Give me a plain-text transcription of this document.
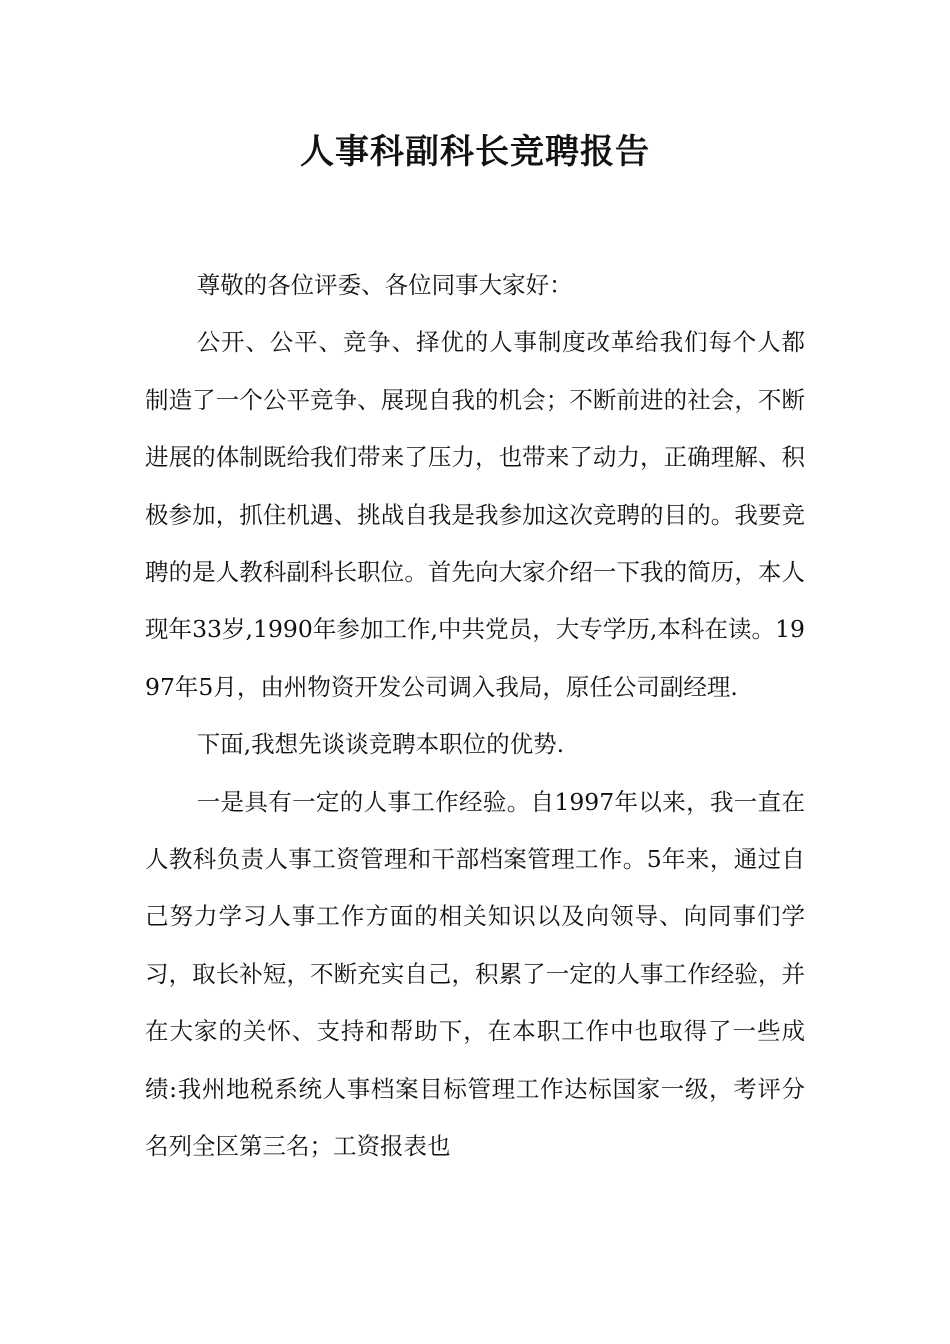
人事科副科长竞聘报告

尊敬的各位评委、各位同事大家好：

公开、公平、竞争、择优的人事制度改革给我们每个人都制造了一个公平竞争、展现自我的机会；不断前进的社会，不断进展的体制既给我们带来了压力，也带来了动力，正确理解、积极参加，抓住机遇、挑战自我是我参加这次竞聘的目的。我要竞聘的是人教科副科长职位。首先向大家介绍一下我的简历，本人现年33岁,1990年参加工作,中共党员，大专学历,本科在读。1997年5月，由州物资开发公司调入我局，原任公司副经理.

下面,我想先谈谈竞聘本职位的优势.

一是具有一定的人事工作经验。自1997年以来，我一直在人教科负责人事工资管理和干部档案管理工作。5年来，通过自己努力学习人事工作方面的相关知识以及向领导、向同事们学习，取长补短，不断充实自己，积累了一定的人事工作经验，并在大家的关怀、支持和帮助下，在本职工作中也取得了一些成绩:我州地税系统人事档案目标管理工作达标国家一级，考评分名列全区第三名；工资报表也
